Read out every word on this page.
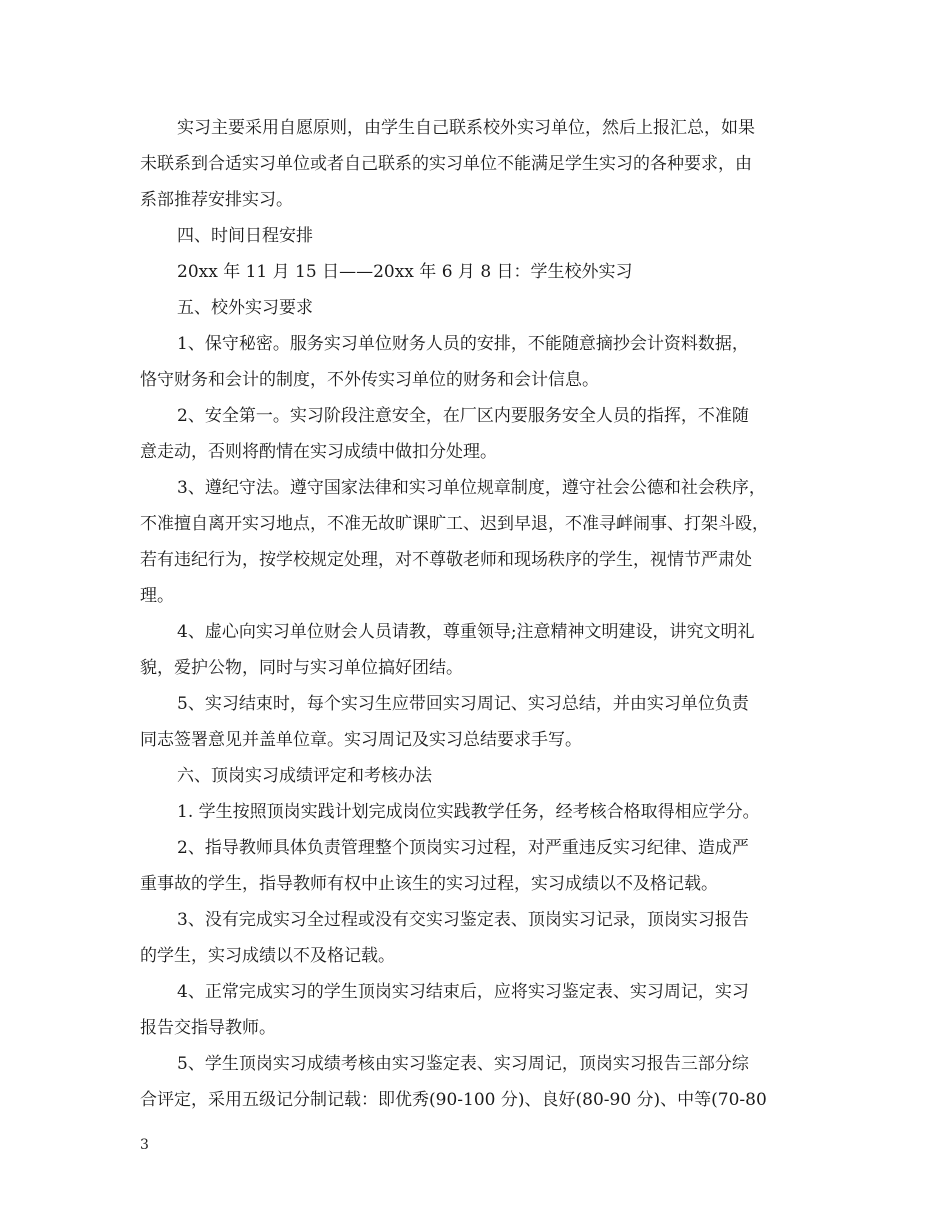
实习主要采用自愿原则，由学生自己联系校外实习单位，然后上报汇总，如果
未联系到合适实习单位或者自己联系的实习单位不能满足学生实习的各种要求，由
系部推荐安排实习。
四、时间日程安排
20xx 年 11 月 15 日——20xx 年 6 月 8 日：学生校外实习
五、校外实习要求
1、保守秘密。服务实习单位财务人员的安排，不能随意摘抄会计资料数据，
恪守财务和会计的制度，不外传实习单位的财务和会计信息。
2、安全第一。实习阶段注意安全，在厂区内要服务安全人员的指挥，不准随
意走动，否则将酌情在实习成绩中做扣分处理。
3、遵纪守法。遵守国家法律和实习单位规章制度，遵守社会公德和社会秩序，
不准擅自离开实习地点，不准无故旷课旷工、迟到早退，不准寻衅闹事、打架斗殴，
若有违纪行为，按学校规定处理，对不尊敬老师和现场秩序的学生，视情节严肃处
理。
4、虚心向实习单位财会人员请教，尊重领导;注意精神文明建设，讲究文明礼
貌，爱护公物，同时与实习单位搞好团结。
5、实习结束时，每个实习生应带回实习周记、实习总结，并由实习单位负责
同志签署意见并盖单位章。实习周记及实习总结要求手写。
六、顶岗实习成绩评定和考核办法
1. 学生按照顶岗实践计划完成岗位实践教学任务，经考核合格取得相应学分。
2、指导教师具体负责管理整个顶岗实习过程，对严重违反实习纪律、造成严
重事故的学生，指导教师有权中止该生的实习过程，实习成绩以不及格记载。
3、没有完成实习全过程或没有交实习鉴定表、顶岗实习记录，顶岗实习报告
的学生，实习成绩以不及格记载。
4、正常完成实习的学生顶岗实习结束后，应将实习鉴定表、实习周记，实习
报告交指导教师。
5、学生顶岗实习成绩考核由实习鉴定表、实习周记，顶岗实习报告三部分综
合评定，采用五级记分制记载：即优秀(90-100 分)、良好(80-90 分)、中等(70-80
3
